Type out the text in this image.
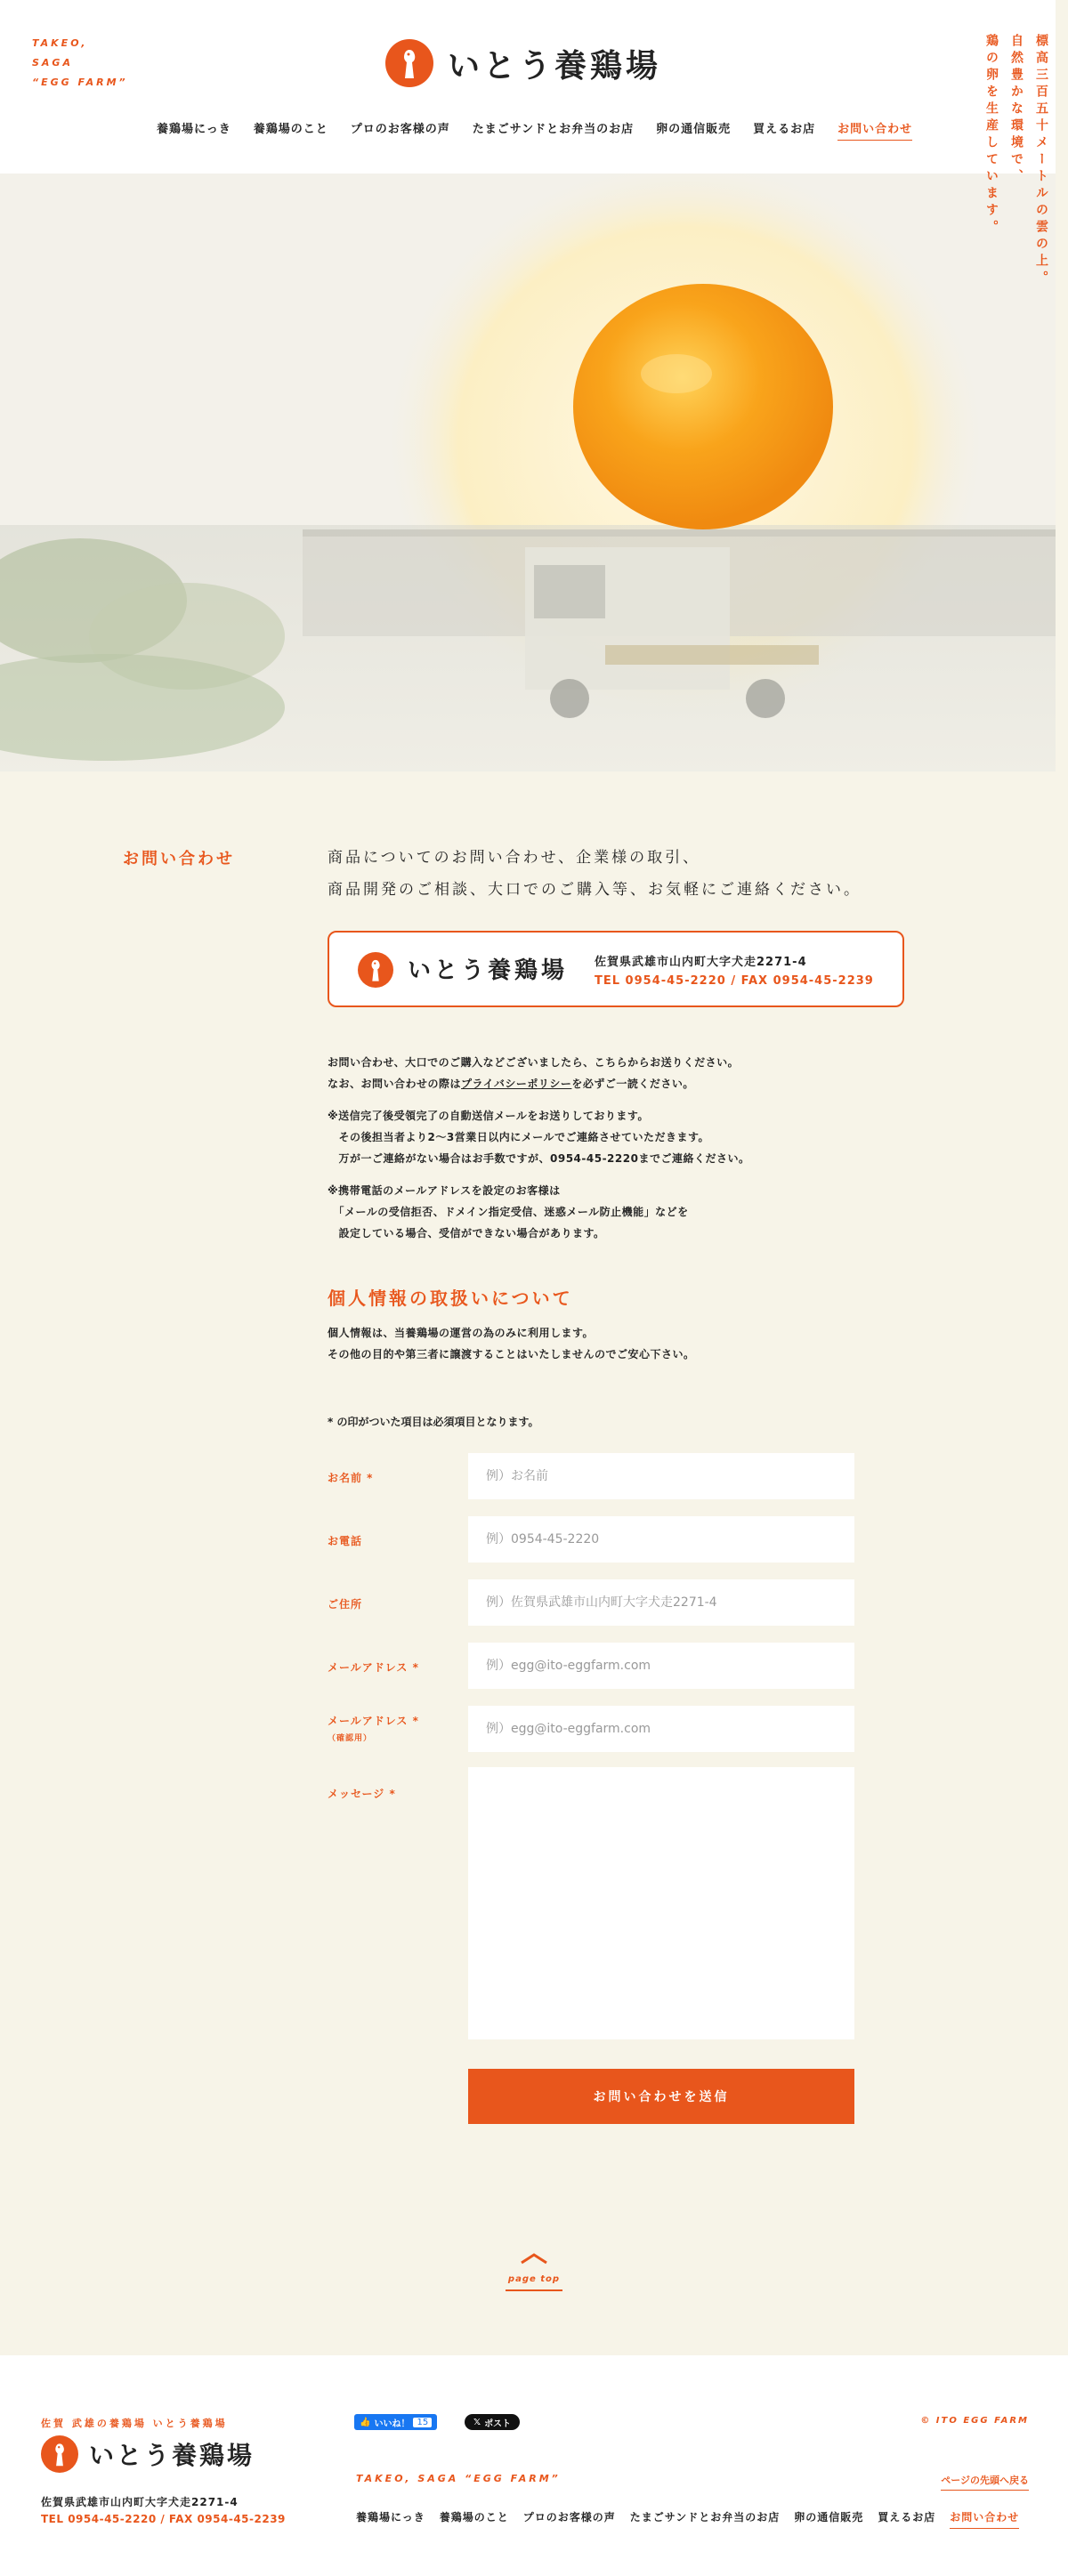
TAKEO,
SAGA
“EGG FARM”	いとう養鶏場
養鶏場にっき 養鶏場のこと プロのお客様の声 たまごサンドとお弁当のお店 卵の通信販売 買えるお店 お問い合わせ	標高三百五十メートルの雲の上。
自然豊かな環境で、
鶏の卵を生産しています。
お問い合わせ	商品についてのお問い合わせ、企業様の取引、

商品開発のご相談、大口でのご購入等、お気軽にご連絡ください。

いとう養鶏場 佐賀県武雄市山内町大字犬走2271-4
TEL 0954-45-2220 / FAX 0954-45-2239
お問い合わせ、大口でのご購入などございましたら、こちらからお送りください。
なお、お問い合わせの際はプライバシーポリシーを必ずご一読ください。
※送信完了後受領完了の自動送信メールをお送りしております。
　その後担当者より2～3営業日以内にメールでご連絡させていただきます。
　万が一ご連絡がない場合はお手数ですが、0954-45-2220までご連絡ください。
※携帯電話のメールアドレスを設定のお客様は
　「メールの受信拒否、ドメイン指定受信、迷惑メール防止機能」などを
　設定している場合、受信ができない場合があります。
個人情報の取扱いについて
個人情報は、当養鶏場の運営の為のみに利用します。
その他の目的や第三者に譲渡することはいたしませんのでご安心下さい。
* の印がついた項目は必須項目となります。
お名前 *
例）お名前
お電話
例）0954-45-2220
ご住所
例）佐賀県武雄市山内町大字犬走2271-4
メールアドレス *
例）egg@ito-eggfarm.com
メールアドレス *
（確認用）
例）egg@ito-eggfarm.com
メッセージ *
お問い合わせを送信
page top
佐賀 武雄の養鶏場 いとう養鶏場
いとう養鶏場
佐賀県武雄市山内町大字犬走2271-4
TEL 0954-45-2220 / FAX 0954-45-2239
👍 いいね！ 15	𝕏 ポスト	© ITO EGG FARM
TAKEO, SAGA “EGG FARM”	ページの先頭へ戻る
養鶏場にっき 養鶏場のこと プロのお客様の声 たまごサンドとお弁当のお店 卵の通信販売 買えるお店 お問い合わせ
